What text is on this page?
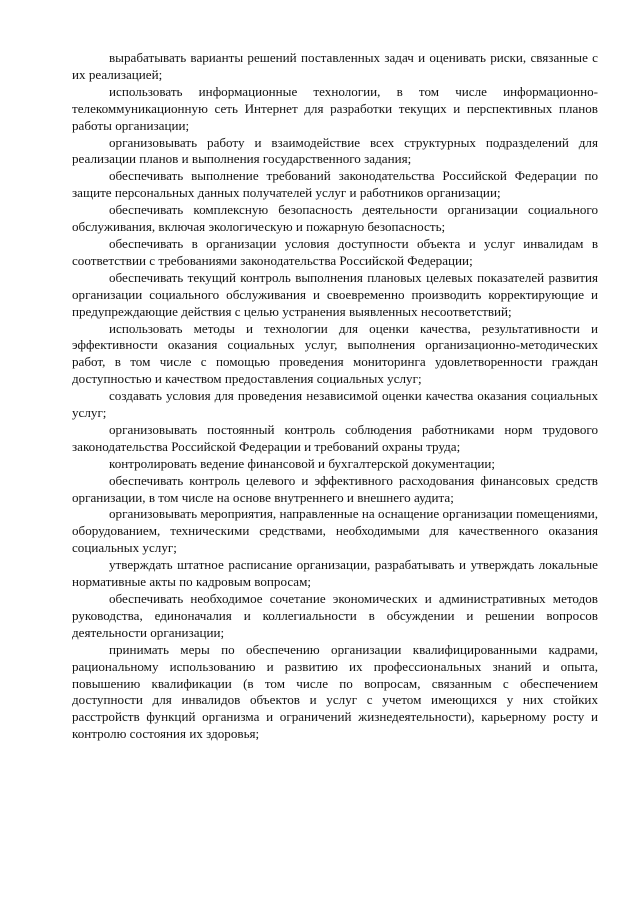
вырабатывать варианты решений поставленных задач и оценивать риски, связанные с их реализацией;

использовать информационные технологии, в том числе информационно-телекоммуникационную сеть Интернет для разработки текущих и перспективных планов работы организации;

организовывать работу и взаимодействие всех структурных подразделений для реализации планов и выполнения государственного задания;

обеспечивать выполнение требований законодательства Российской Федерации по защите персональных данных получателей услуг и работников организации;

обеспечивать комплексную безопасность деятельности организации социального обслуживания, включая экологическую и пожарную безопасность;

обеспечивать в организации условия доступности объекта и услуг инвалидам в соответствии с требованиями законодательства Российской Федерации;

обеспечивать текущий контроль выполнения плановых целевых показателей развития организации социального обслуживания и своевременно производить корректирующие и предупреждающие действия с целью устранения выявленных несоответствий;

использовать методы и технологии для оценки качества, результативности и эффективности оказания социальных услуг, выполнения организационно-методических работ, в том числе с помощью проведения мониторинга удовлетворенности граждан доступностью и качеством предоставления социальных услуг;

создавать условия для проведения независимой оценки качества оказания социальных услуг;

организовывать постоянный контроль соблюдения работниками норм трудового законодательства Российской Федерации и требований охраны труда;

контролировать ведение финансовой и бухгалтерской документации;

обеспечивать контроль целевого и эффективного расходования финансовых средств организации, в том числе на основе внутреннего и внешнего аудита;

организовывать мероприятия, направленные на оснащение организации помещениями, оборудованием, техническими средствами, необходимыми для качественного оказания социальных услуг;

утверждать штатное расписание организации, разрабатывать и утверждать локальные нормативные акты по кадровым вопросам;

обеспечивать необходимое сочетание экономических и административных методов руководства, единоначалия и коллегиальности в обсуждении и решении вопросов деятельности организации;

принимать меры по обеспечению организации квалифицированными кадрами, рациональному использованию и развитию их профессиональных знаний и опыта, повышению квалификации (в том числе по вопросам, связанным с обеспечением доступности для инвалидов объектов и услуг с учетом имеющихся у них стойких расстройств функций организма и ограничений жизнедеятельности), карьерному росту и контролю состояния их здоровья;
